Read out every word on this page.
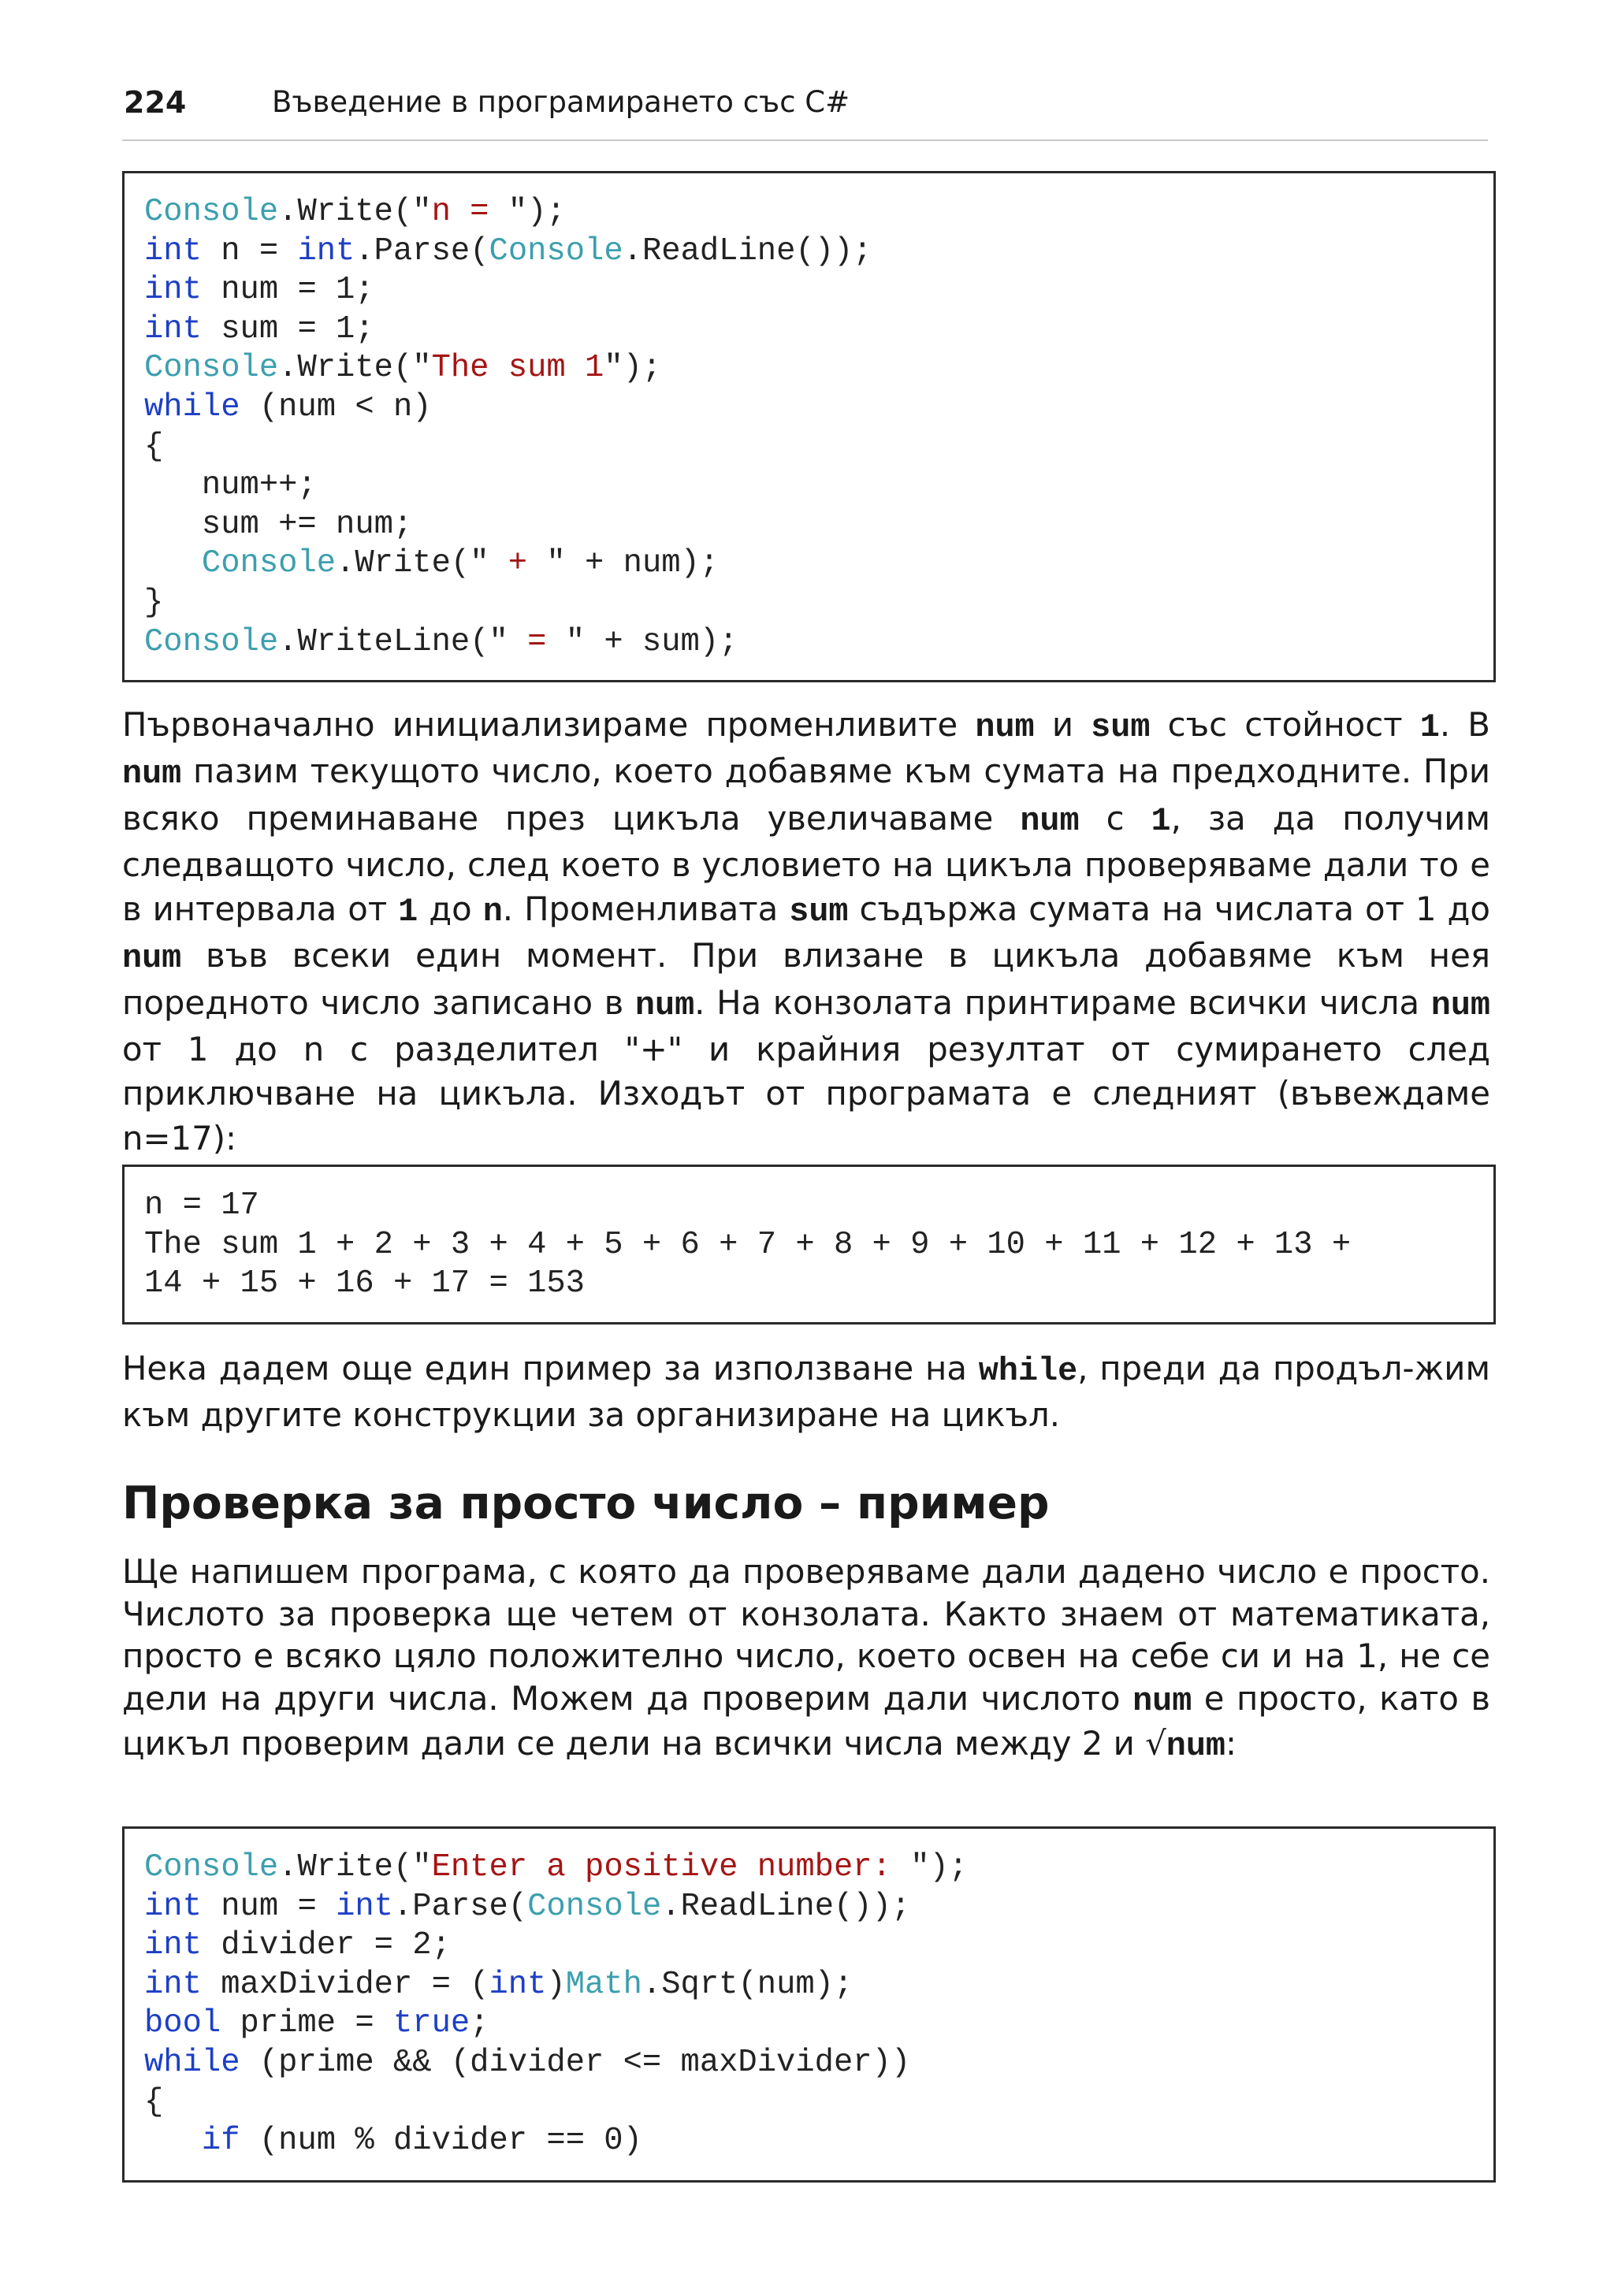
224	Въведение в програмирането със C#
Console.Write("n = ");
int n = int.Parse(Console.ReadLine());
int num = 1;
int sum = 1;
Console.Write("The sum 1");
while (num < n)
{
num++;
sum += num;
Console.Write(" + " + num);
}
Console.WriteLine(" = " + sum);

Първоначално инициализираме променливите num и sum със стойност 1. В num пазим текущото число, което добавяме към сумата на предходните. При всяко преминаване през цикъла увеличаваме num с 1, за да получим следващото число, след което в условието на цикъла проверяваме дали то е в интервала от 1 до n. Променливата sum съдържа сумата на числата от 1 до num във всеки един момент. При влизане в цикъла добавяме към нея поредното число записано в num. На конзолата принтираме всички числа num от 1 до n с разделител "+" и крайния резултат от сумирането след приключване на цикъла. Изходът от програмата е следният (въвеждаме n=17):

n = 17
The sum 1 + 2 + 3 + 4 + 5 + 6 + 7 + 8 + 9 + 10 + 11 + 12 + 13 +
14 + 15 + 16 + 17 = 153

Нека дадем още един пример за използване на while, преди да продъл-жим към другите конструкции за организиране на цикъл.

Проверка за просто число – пример

Ще напишем програма, с която да проверяваме дали дадено число е просто. Числото за проверка ще четем от конзолата. Както знаем от математиката, просто е всяко цяло положително число, което освен на себе си и на 1, не се дели на други числа. Можем да проверим дали числото num е просто, като в цикъл проверим дали се дели на всички числа между 2 и √num:

Console.Write("Enter a positive number: ");
int num = int.Parse(Console.ReadLine());
int divider = 2;
int maxDivider = (int)Math.Sqrt(num);
bool prime = true;
while (prime && (divider <= maxDivider))
{
if (num % divider == 0)
